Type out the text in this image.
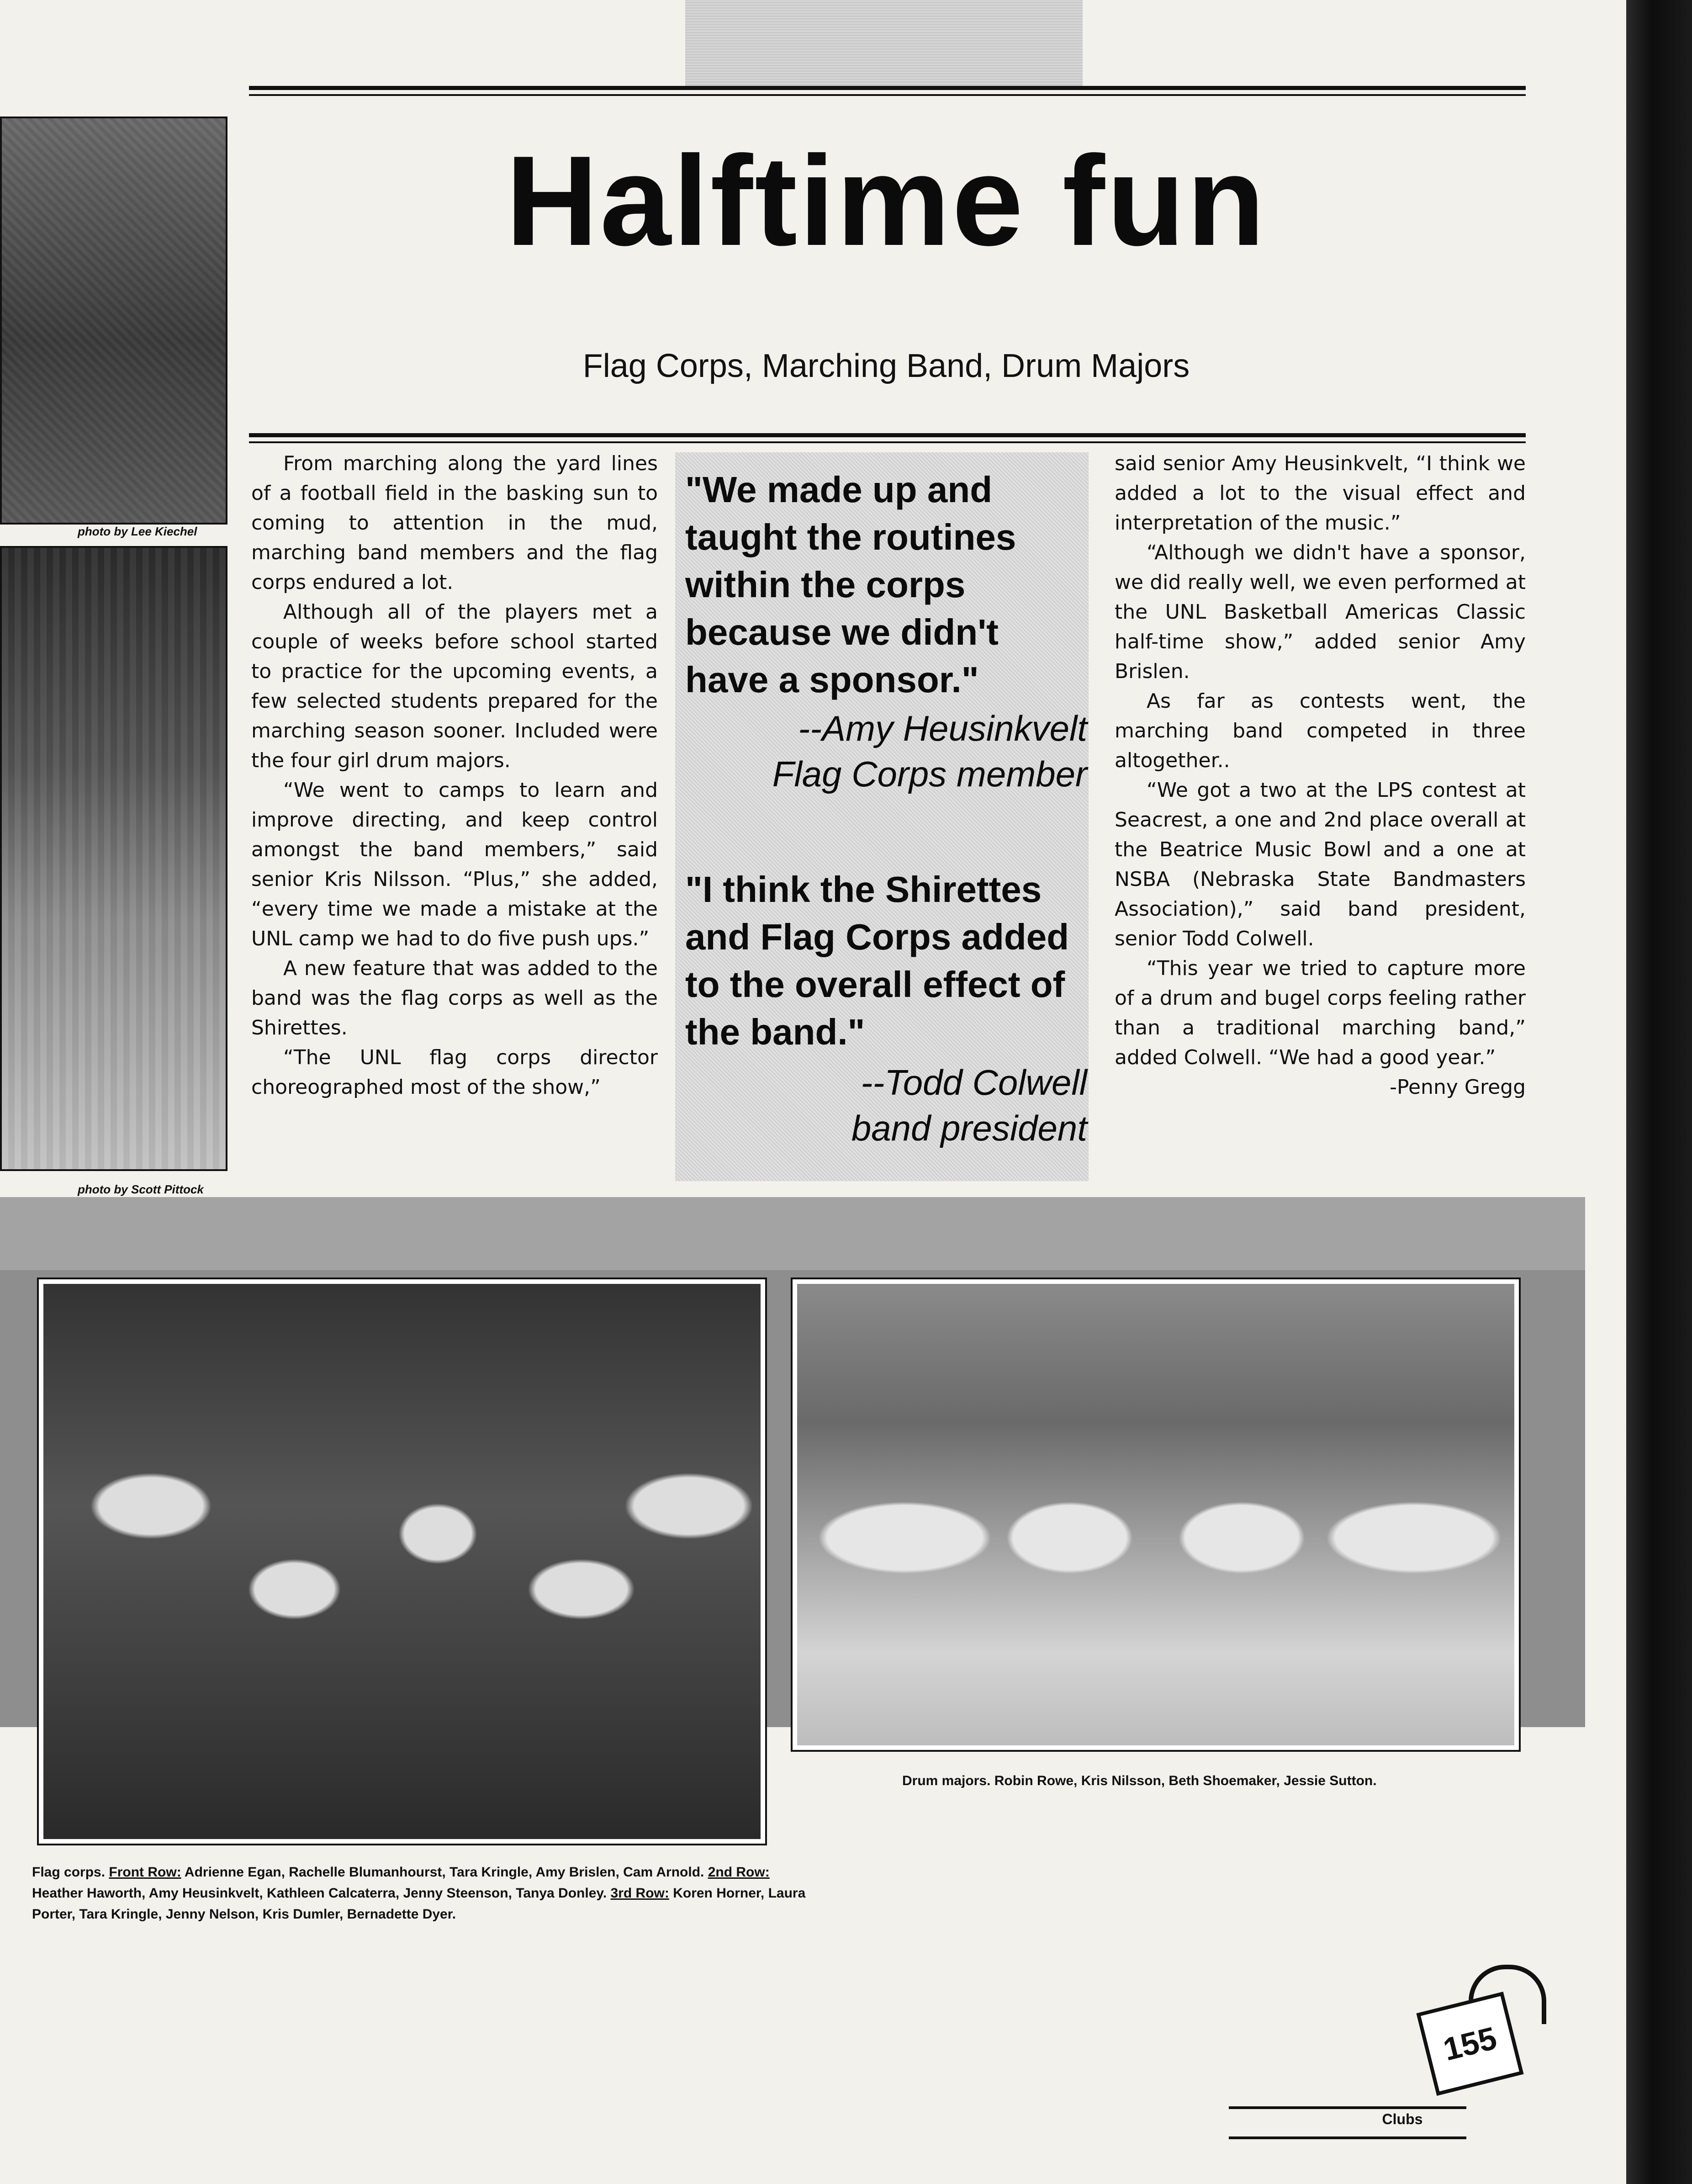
Halftime fun
Flag Corps, Marching Band, Drum Majors
photo by Lee Kiechel
photo by Scott Pittock

From marching along the yard lines of a football field in the basking sun to coming to attention in the mud, marching band members and the flag corps endured a lot.

Although all of the players met a couple of weeks before school started to practice for the upcoming events, a few selected students prepared for the marching season sooner. Included were the four girl drum majors.

“We went to camps to learn and improve directing, and keep control amongst the band members,” said senior Kris Nilsson. “Plus,” she added, “every time we made a mistake at the UNL camp we had to do five push ups.”

A new feature that was added to the band was the flag corps as well as the Shirettes.

“The UNL flag corps director choreographed most of the show,”

"We made up and taught the routines within the corps because we didn't have a sponsor."
--Amy Heusinkvelt
Flag Corps member
"I think the Shirettes and Flag Corps added to the overall effect of the band."
--Todd Colwell
band president

said senior Amy Heusinkvelt, “I think we added a lot to the visual effect and interpretation of the music.”

“Although we didn't have a sponsor, we did really well, we even performed at the UNL Basketball Americas Classic half-time show,” added senior Amy Brislen.

As far as contests went, the marching band competed in three altogether..

“We got a two at the LPS contest at Seacrest, a one and 2nd place overall at the Beatrice Music Bowl and a one at NSBA (Nebraska State Bandmasters Association),” said band president, senior Todd Colwell.

“This year we tried to capture more of a drum and bugel corps feeling rather than a traditional marching band,” added Colwell. “We had a good year.”

-Penny Gregg

Flag corps. Front Row: Adrienne Egan, Rachelle Blumanhourst, Tara Kringle, Amy Brislen, Cam Arnold. 2nd Row: Heather Haworth, Amy Heusinkvelt, Kathleen Calcaterra, Jenny Steenson, Tanya Donley. 3rd Row: Koren Horner, Laura Porter, Tara Kringle, Jenny Nelson, Kris Dumler, Bernadette Dyer.
Drum majors. Robin Rowe, Kris Nilsson, Beth Shoemaker, Jessie Sutton.
155
Clubs
